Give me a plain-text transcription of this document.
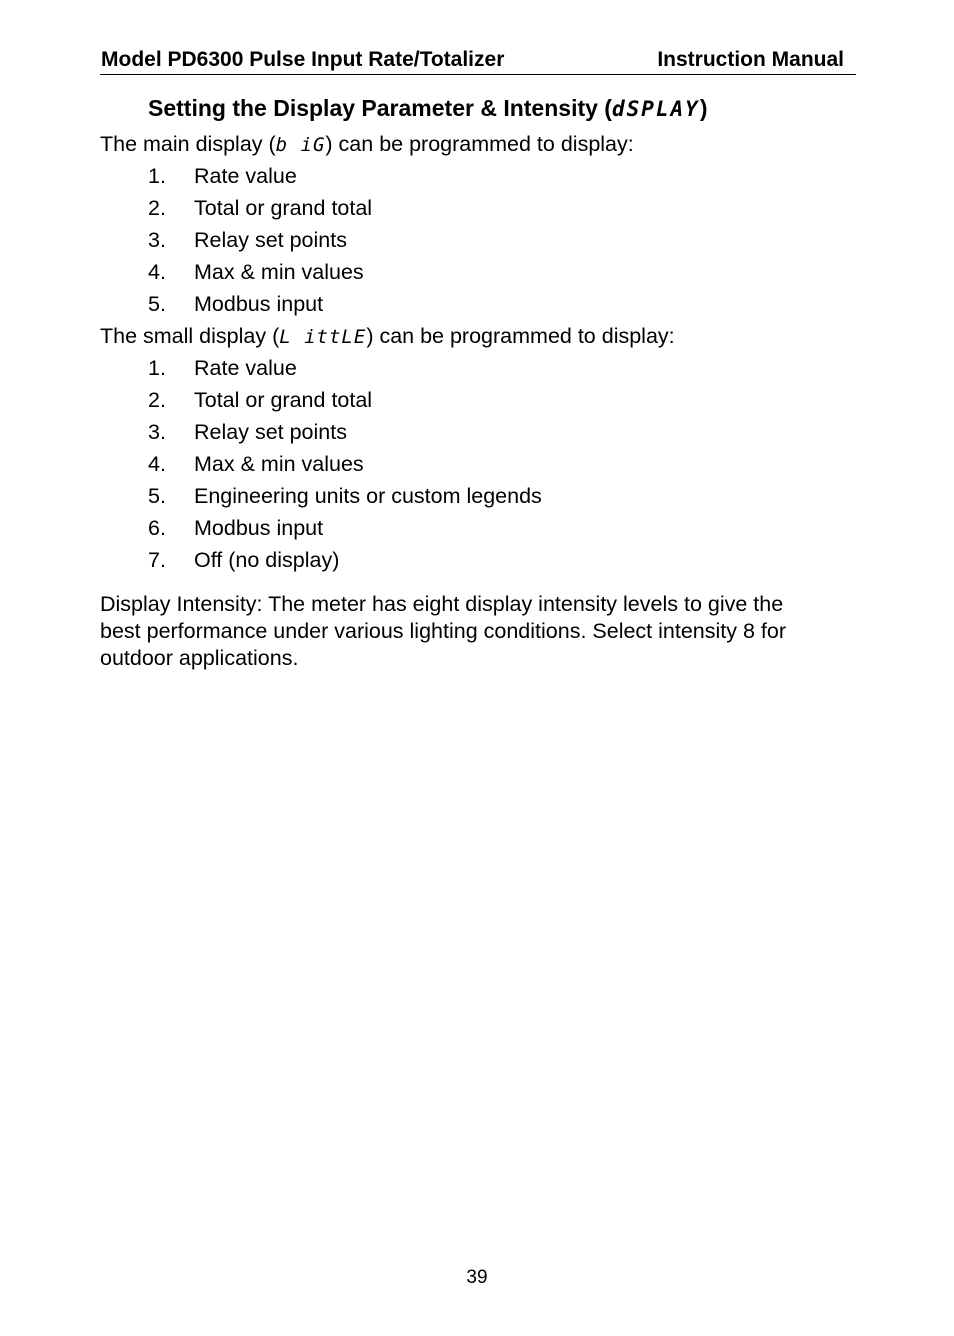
Model PD6300 Pulse Input Rate/Totalizer	Instruction Manual
Setting the Display Parameter & Intensity (dSPLAY)
The main display (b iG) can be programmed to display:
1. Rate value
2. Total or grand total
3. Relay set points
4. Max & min values
5. Modbus input
The small display (L ittLE) can be programmed to display:
1. Rate value
2. Total or grand total
3. Relay set points
4. Max & min values
5. Engineering units or custom legends
6. Modbus input
7. Off (no display)
Display Intensity: The meter has eight display intensity levels to give the
best performance under various lighting conditions. Select intensity 8 for
outdoor applications.
39
